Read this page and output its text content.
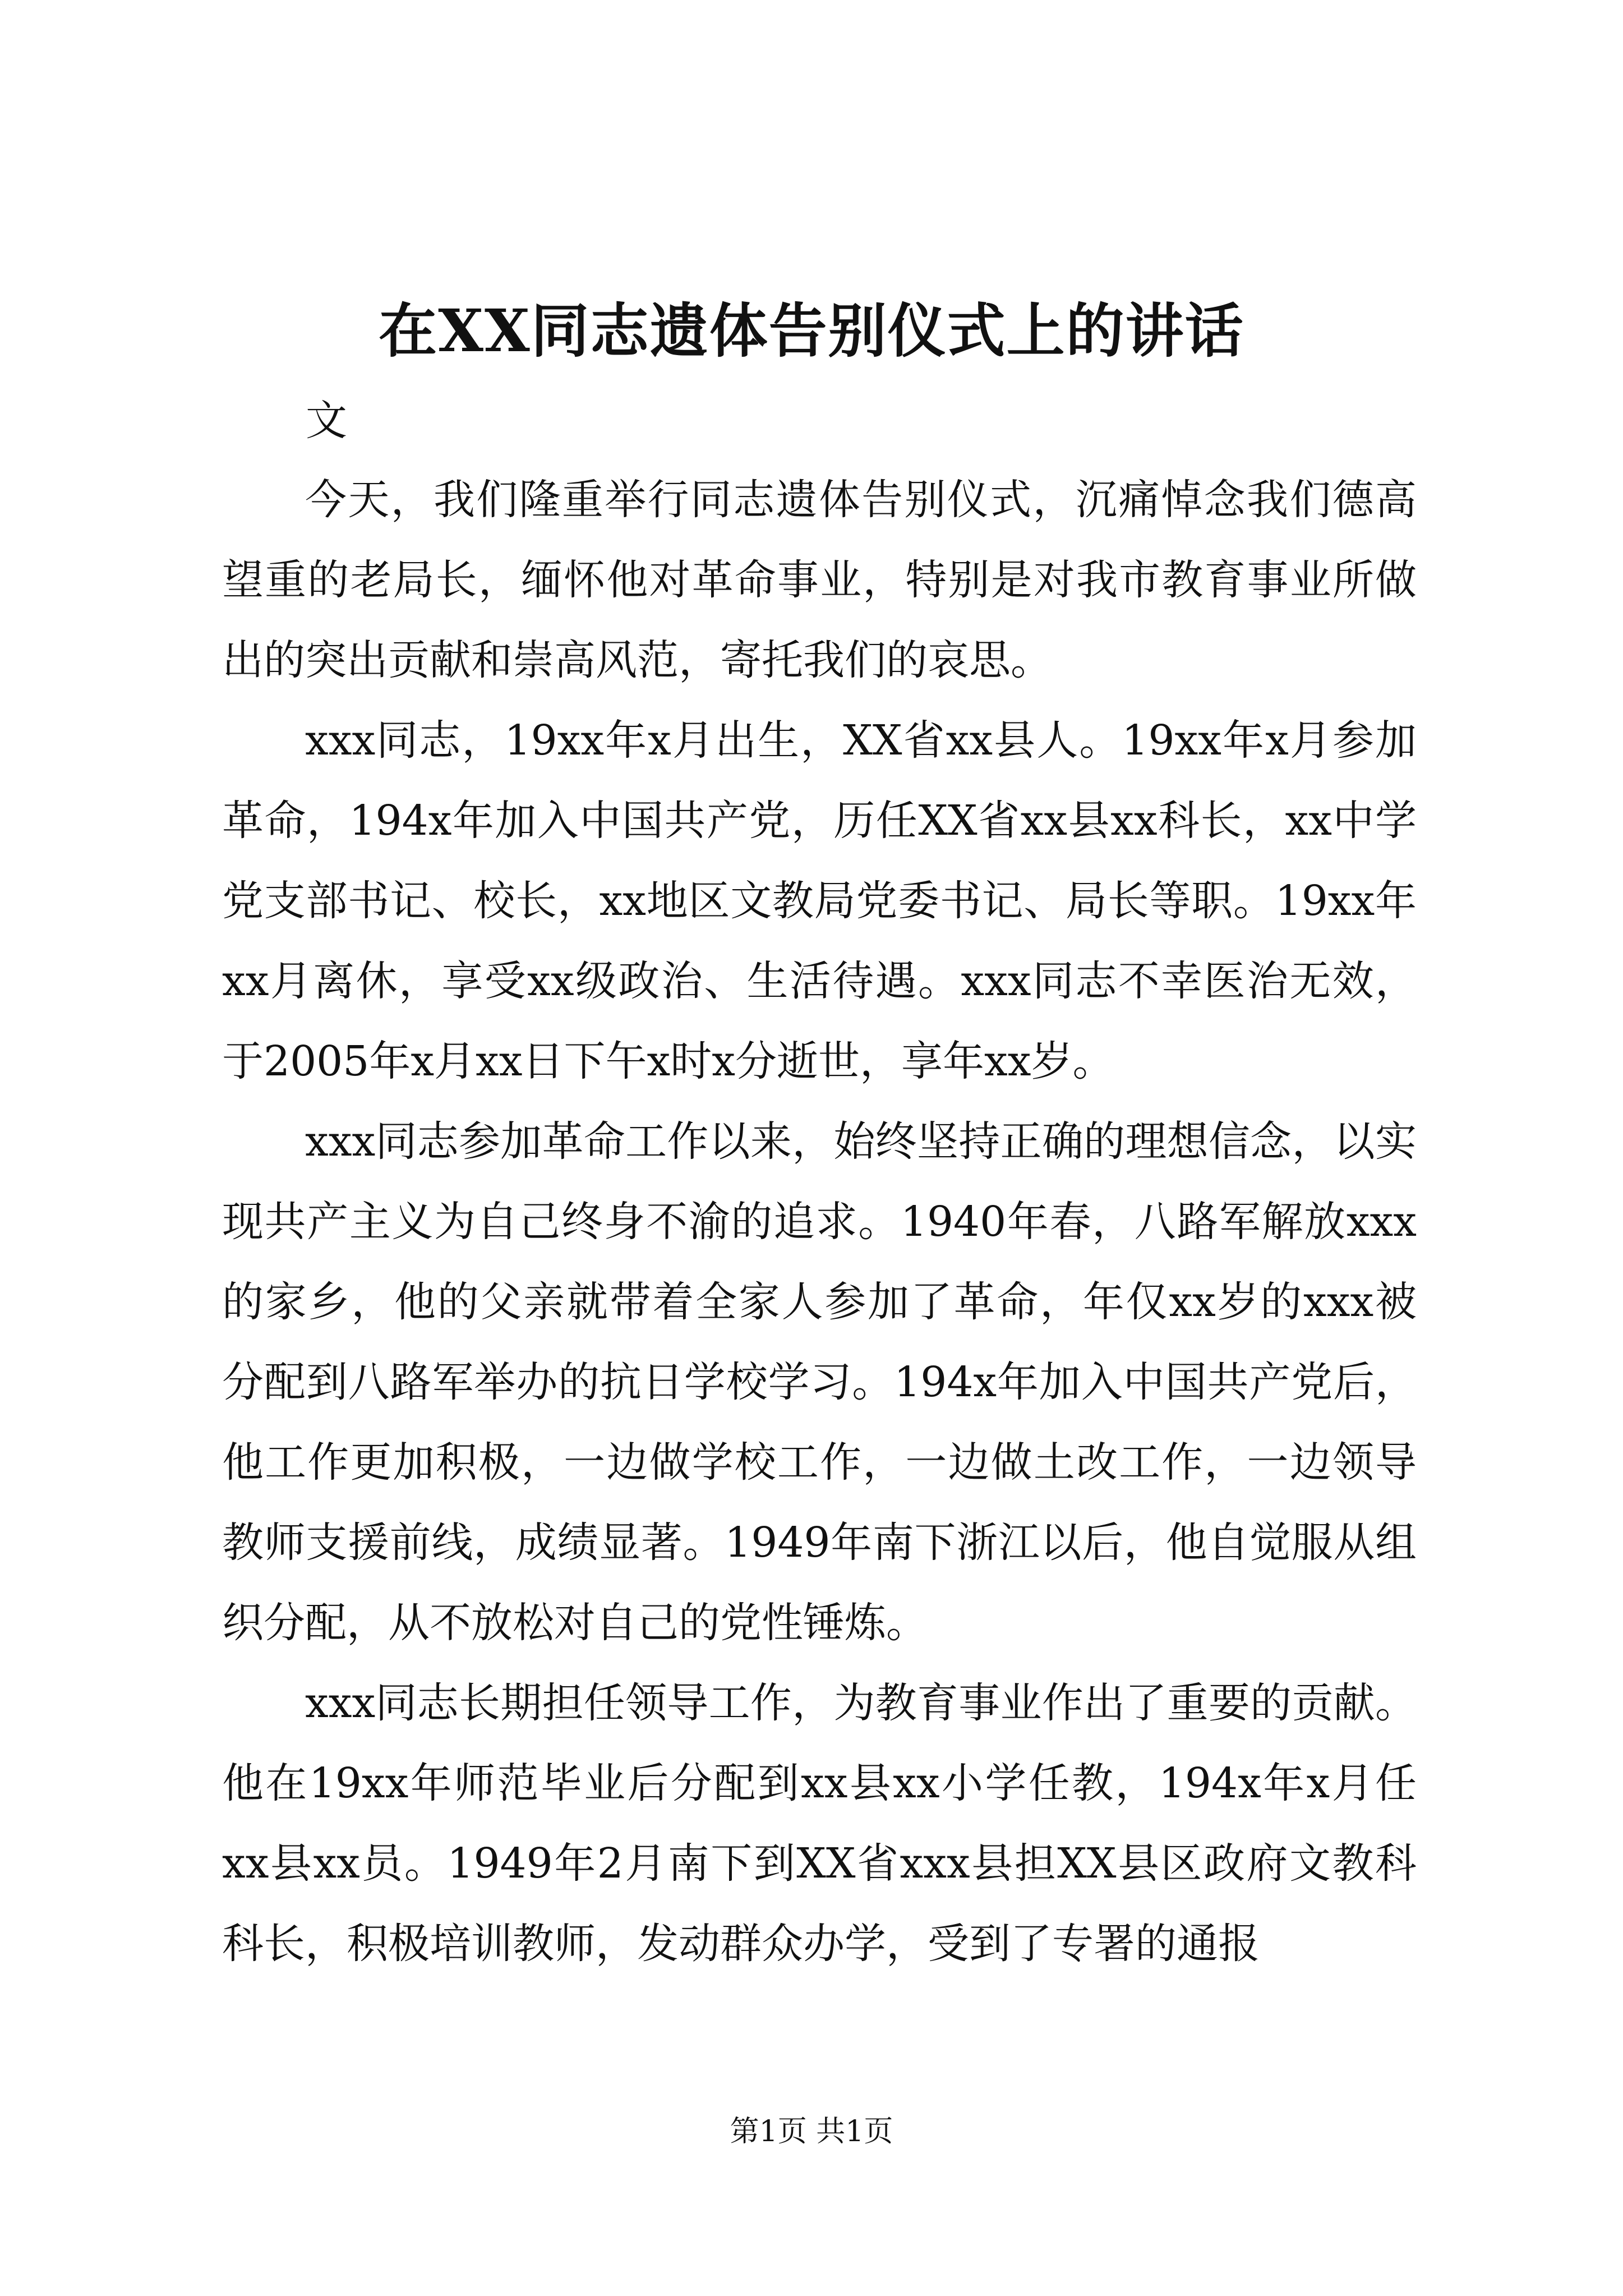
在XX同志遗体告别仪式上的讲话
文

今天，我们隆重举行同志遗体告别仪式，沉痛悼念我们德高望重的老局长，缅怀他对革命事业，特别是对我市教育事业所做出的突出贡献和崇高风范，寄托我们的哀思。

xxx同志，19xx年x月出生，XX省xx县人。19xx年x月参加革命，194x年加入中国共产党，历任XX省xx县xx科长，xx中学党支部书记、校长，xx地区文教局党委书记、局长等职。19xx年xx月离休，享受xx级政治、生活待遇。xxx同志不幸医治无效，于2005年x月xx日下午x时x分逝世，享年xx岁。

xxx同志参加革命工作以来，始终坚持正确的理想信念，以实现共产主义为自己终身不渝的追求。1940年春，八路军解放xxx的家乡，他的父亲就带着全家人参加了革命，年仅xx岁的xxx被分配到八路军举办的抗日学校学习。194x年加入中国共产党后，他工作更加积极，一边做学校工作，一边做土改工作，一边领导教师支援前线，成绩显著。1949年南下浙江以后，他自觉服从组织分配，从不放松对自己的党性锤炼。

xxx同志长期担任领导工作，为教育事业作出了重要的贡献。他在19xx年师范毕业后分配到xx县xx小学任教，194x年x月任xx县xx员。1949年2月南下到XX省xxx县担XX县区政府文教科科长，积极培训教师，发动群众办学，受到了专署的通报

第1页 共1页
